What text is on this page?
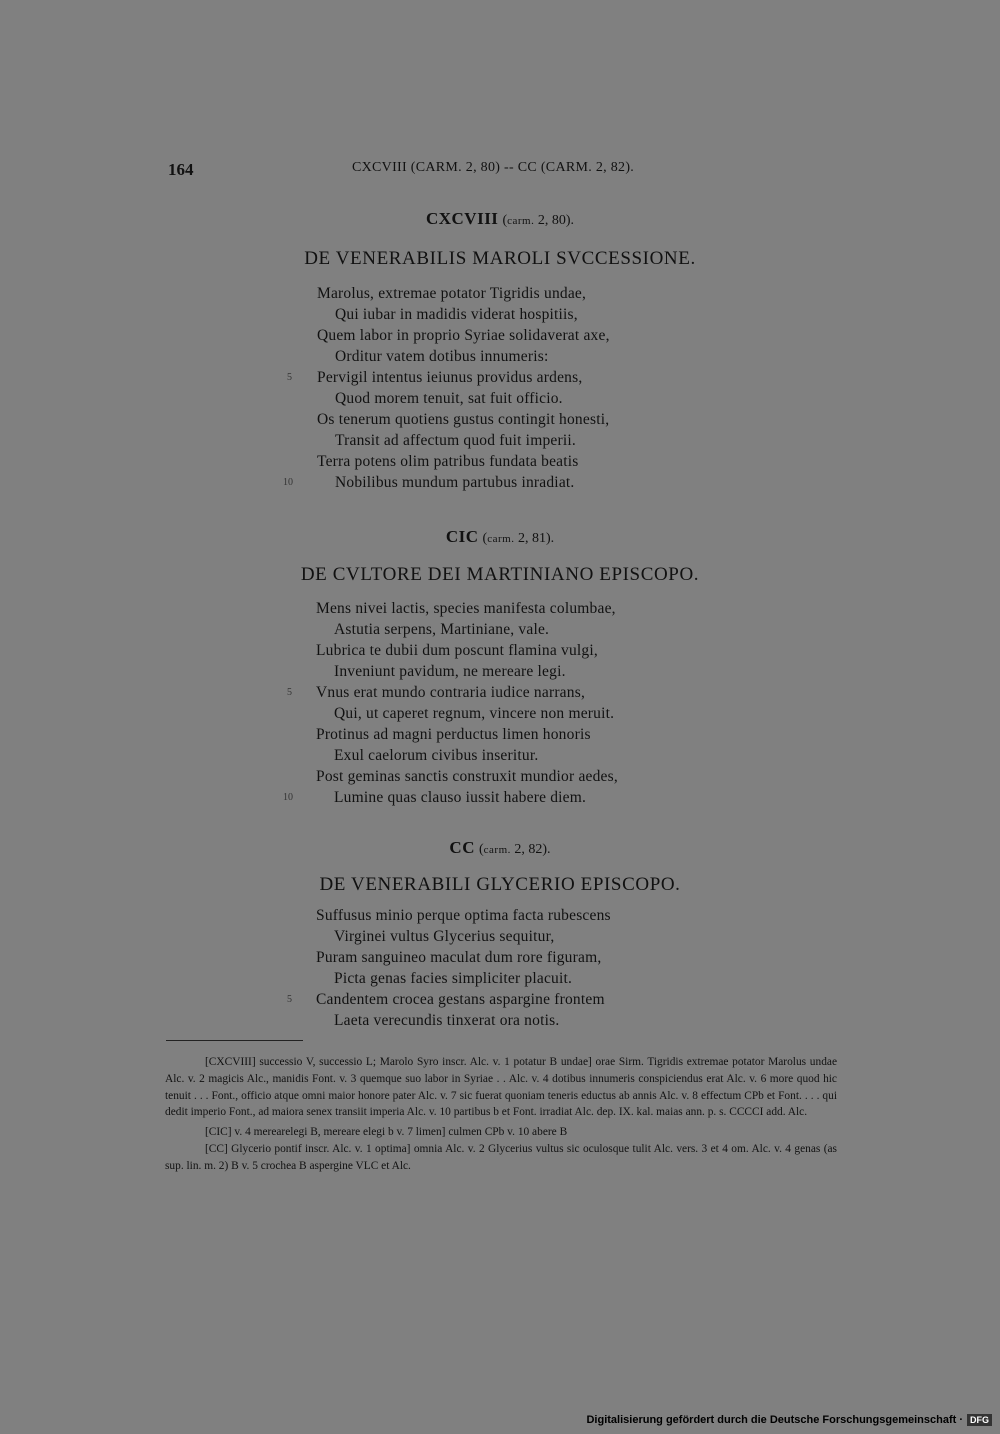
164	CXCVIII (CARM. 2, 80) -- CC (CARM. 2, 82).
CXCVIII (carm. 2, 80).
DE VENERABILIS MAROLI SVCCESSIONE.
Marolus, extremae potator Tigridis undae,
Qui iubar in madidis viderat hospitiis,
Quem labor in proprio Syriae solidaverat axe,
Orditur vatem dotibus innumeris:
5 Pervigil intentus ieiunus providus ardens,
Quod morem tenuit, sat fuit officio.
Os tenerum quotiens gustus contingit honesti,
Transit ad affectum quod fuit imperii.
Terra potens olim patribus fundata beatis
10	Nobilibus mundum partubus inradiat.
CIC (carm. 2, 81).
DE CVLTORE DEI MARTINIANO EPISCOPO.
Mens nivei lactis, species manifesta columbae,
Astutia serpens, Martiniane, vale.
Lubrica te dubii dum poscunt flamina vulgi,
Inveniunt pavidum, ne mereare legi.
5 Vnus erat mundo contraria iudice narrans,
Qui, ut caperet regnum, vincere non meruit.
Protinus ad magni perductus limen honoris
Exul caelorum civibus inseritur.
Post geminas sanctis construxit mundior aedes,
10	Lumine quas clauso iussit habere diem.
CC (carm. 2, 82).
DE VENERABILI GLYCERIO EPISCOPO.
Suffusus minio perque optima facta rubescens
Virginei vultus Glycerius sequitur,
Puram sanguineo maculat dum rore figuram,
Picta genas facies simpliciter placuit.
5 Candentem crocea gestans aspargine frontem
Laeta verecundis tinxerat ora notis.

[CXCVIII] successio V, successio L; Marolo Syro inscr. Alc. v. 1 potatur B undae] orae Sirm. Tigridis extremae potator Marolus undae Alc. v. 2 magicis Alc., manidis Font. v. 3 quemque suo labor in Syriae . . Alc. v. 4 dotibus innumeris conspiciendus erat Alc. v. 6 more quod hic tenuit . . . Font., officio atque omni maior honore pater Alc. v. 7 sic fuerat quoniam teneris eductus ab annis Alc. v. 8 effectum CPb et Font. . . . qui dedit imperio Font., ad maiora senex transiit imperia Alc. v. 10 partibus b et Font. irradiat Alc. dep. IX. kal. maias ann. p. s. CCCCI add. Alc.

[CIC] v. 4 merearelegi B, mereare elegi b v. 7 limen] culmen CPb v. 10 abere B

[CC] Glycerio pontif inscr. Alc. v. 1 optima] omnia Alc. v. 2 Glycerius vultus sic oculosque tulit Alc. vers. 3 et 4 om. Alc. v. 4 genas (as sup. lin. m. 2) B v. 5 crochea B aspergine VLC et Alc.

Digitalisierung gefördert durch die Deutsche Forschungsgemeinschaft · DFG
